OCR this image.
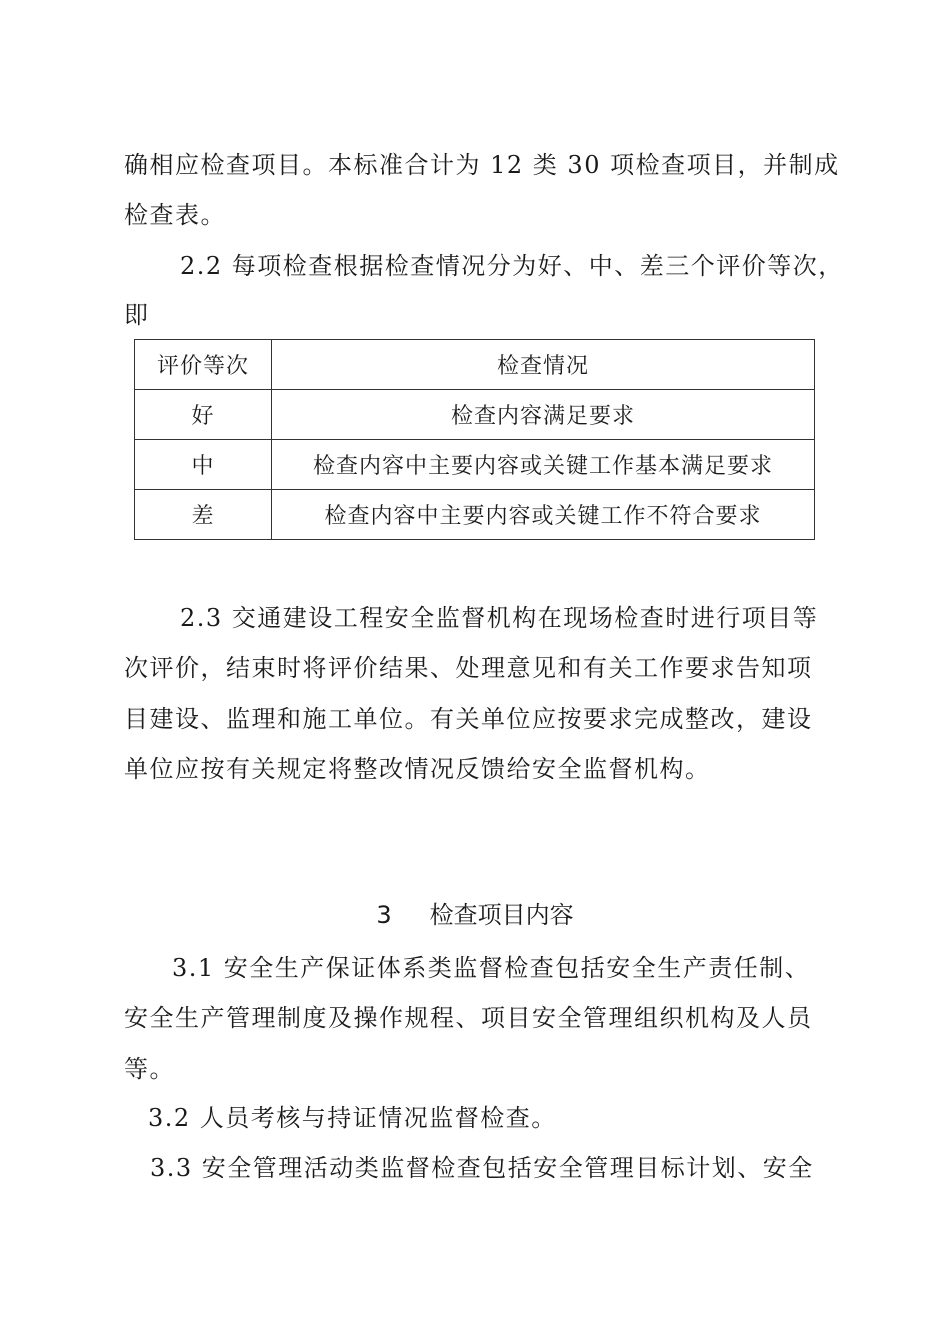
确相应检查项目。本标准合计为 12 类 30 项检查项目，并制成
检查表。
2.2 每项检查根据检查情况分为好、中、差三个评价等次，
即
评价等次	检查情况
好	检查内容满足要求
中	检查内容中主要内容或关键工作基本满足要求
差	检查内容中主要内容或关键工作不符合要求
2.3 交通建设工程安全监督机构在现场检查时进行项目等
次评价，结束时将评价结果、处理意见和有关工作要求告知项
目建设、监理和施工单位。有关单位应按要求完成整改，建设
单位应按有关规定将整改情况反馈给安全监督机构。
3 检查项目内容
3.1 安全生产保证体系类监督检查包括安全生产责任制、
安全生产管理制度及操作规程、项目安全管理组织机构及人员
等。
3.2 人员考核与持证情况监督检查。
3.3 安全管理活动类监督检查包括安全管理目标计划、安全
